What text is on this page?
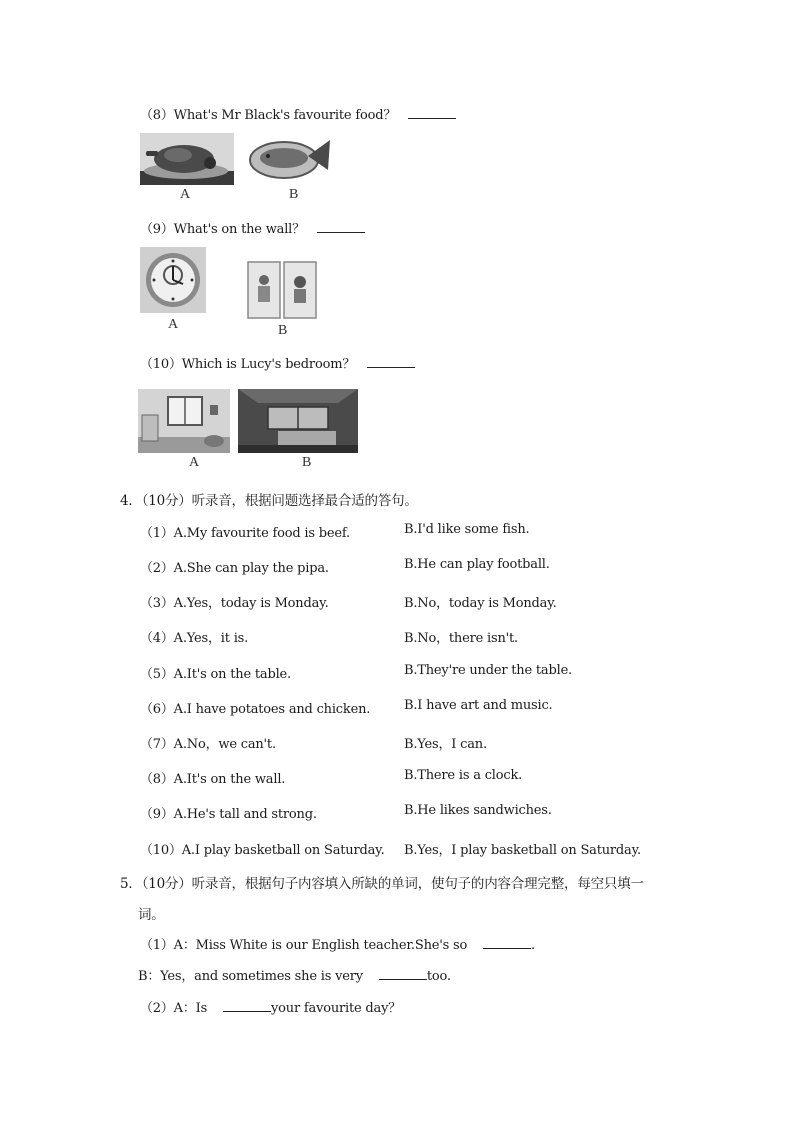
（8）What's Mr Black's favourite food？
A	B
（9）What's on the wall？
A	B
（10）Which is Lucy's bedroom？
A	B
4．（10分）听录音，根据问题选择最合适的答句。
（1）A.My favourite food is beef.	B.I'd like some fish.
（2）A.She can play the pipa.	B.He can play football.
（3）A.Yes，today is Monday.	B.No，today is Monday.
（4）A.Yes，it is.	B.No，there isn't.
（5）A.It's on the table.	B.They're under the table.
（6）A.I have potatoes and chicken.	B.I have art and music.
（7）A.No，we can't.	B.Yes，I can.
（8）A.It's on the wall.	B.There is a clock.
（9）A.He's tall and strong.	B.He likes sandwiches.
（10）A.I play basketball on Saturday. B.Yes，I play basketball on Saturday.
5．（10分）听录音，根据句子内容填入所缺的单词，使句子的内容合理完整，每空只填一
词。
（1）A：Miss White is our English teacher.She's so	.
B：Yes，and sometimes she is very	too.
（2）A：Is	your favourite day？
